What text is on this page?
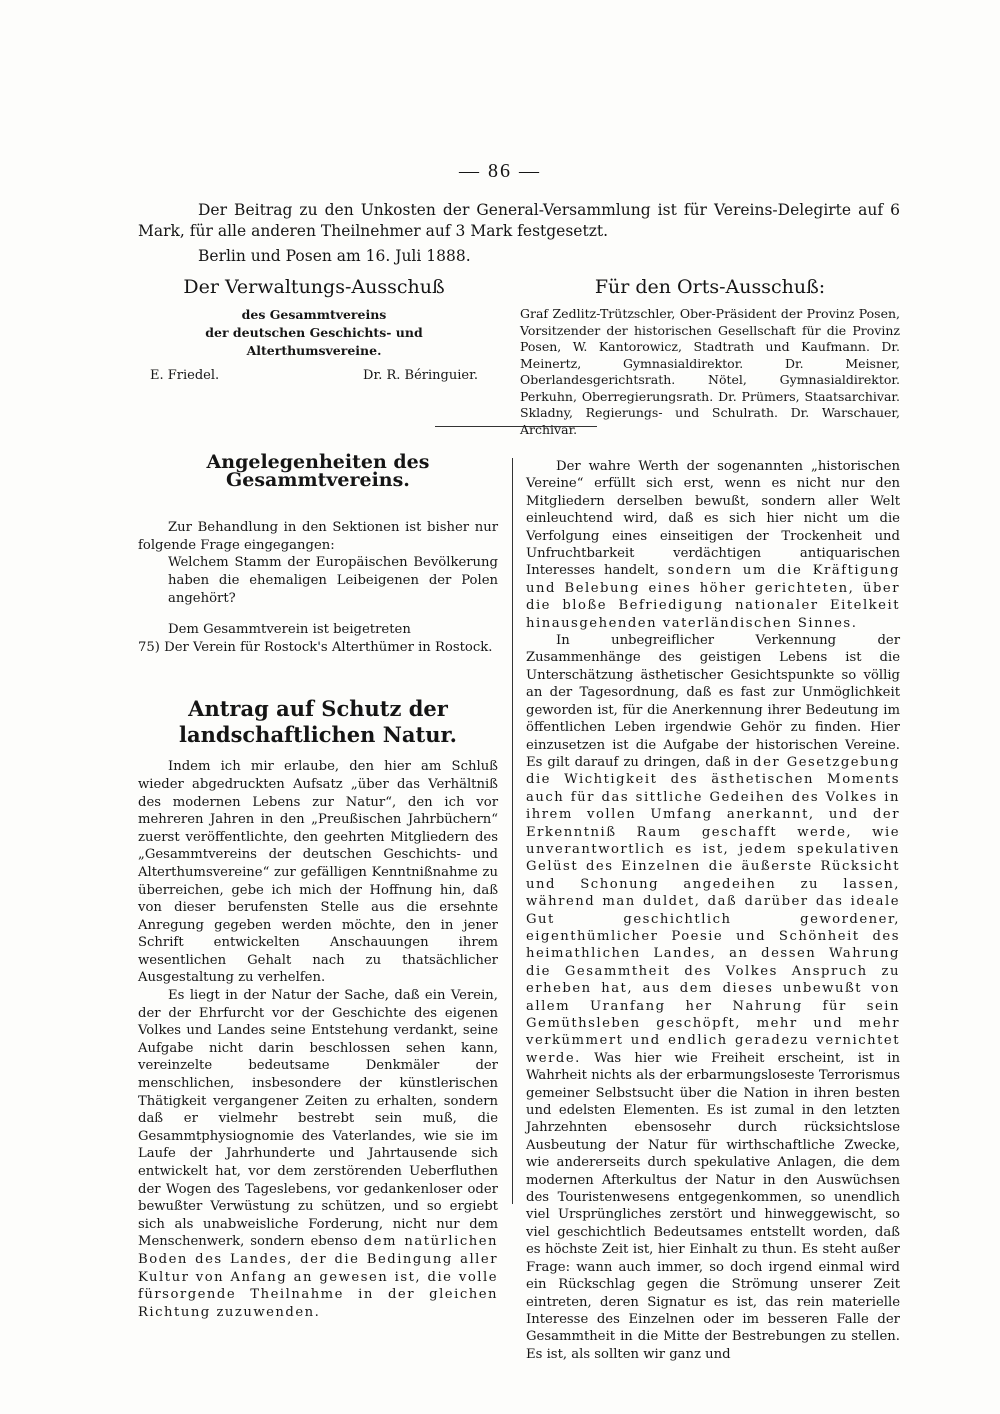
— 86 —

Der Beitrag zu den Unkosten der General-Versammlung ist für Vereins-Delegirte auf 6 Mark, für alle anderen Theilnehmer auf 3 Mark festgesetzt.

Berlin und Posen am 16. Juli 1888.

Der Verwaltungs-Ausschuß
des Gesammtvereins
der deutschen Geschichts- und Alterthumsvereine.
E. Friedel.	Dr. R. Béringuier.
Für den Orts-Ausschuß:

Graf Zedlitz-Trützschler, Ober-Präsident der Provinz Posen, Vorsitzender der historischen Gesellschaft für die Provinz Posen, W. Kantorowicz, Stadtrath und Kaufmann. Dr. Meinertz, Gymnasialdirektor. Dr. Meisner, Oberlandesgerichtsrath. Nötel, Gymnasialdirektor. Perkuhn, Oberregierungsrath. Dr. Prümers, Staatsarchivar. Skladny, Regierungs- und Schulrath. Dr. Warschauer, Archivar.

Angelegenheiten des Gesammtvereins.

Zur Behandlung in den Sektionen ist bisher nur folgende Frage eingegangen:

Welchem Stamm der Europäischen Bevölkerung haben die ehemaligen Leibeigenen der Polen angehört?

Dem Gesammtverein ist beigetreten

75) Der Verein für Rostock's Alterthümer in Rostock.

Antrag auf Schutz der landschaftlichen Natur.

Indem ich mir erlaube, den hier am Schluß wieder abgedruckten Aufsatz „über das Verhältniß des modernen Lebens zur Natur“, den ich vor mehreren Jahren in den „Preußischen Jahrbüchern“ zuerst veröffentlichte, den geehrten Mitgliedern des „Gesammtvereins der deutschen Geschichts- und Alterthumsvereine“ zur gefälligen Kenntnißnahme zu überreichen, gebe ich mich der Hoffnung hin, daß von dieser berufensten Stelle aus die ersehnte Anregung gegeben werden möchte, den in jener Schrift entwickelten Anschauungen ihrem wesentlichen Gehalt nach zu thatsächlicher Ausgestaltung zu verhelfen.

Es liegt in der Natur der Sache, daß ein Verein, der der Ehrfurcht vor der Geschichte des eigenen Volkes und Landes seine Entstehung verdankt, seine Aufgabe nicht darin beschlossen sehen kann, vereinzelte bedeutsame Denkmäler der menschlichen, insbesondere der künstlerischen Thätigkeit vergangener Zeiten zu erhalten, sondern daß er vielmehr bestrebt sein muß, die Gesammtphysiognomie des Vaterlandes, wie sie im Laufe der Jahrhunderte und Jahrtausende sich entwickelt hat, vor dem zerstörenden Ueberfluthen der Wogen des Tageslebens, vor gedankenloser oder bewußter Verwüstung zu schützen, und so ergiebt sich als unabweisliche Forderung, nicht nur dem Menschenwerk, sondern ebenso dem natürlichen Boden des Landes, der die Bedingung aller Kultur von Anfang an gewesen ist, die volle fürsorgende Theilnahme in der gleichen Richtung zuzuwenden.

Der wahre Werth der sogenannten „historischen Vereine“ erfüllt sich erst, wenn es nicht nur den Mitgliedern derselben bewußt, sondern aller Welt einleuchtend wird, daß es sich hier nicht um die Verfolgung eines einseitigen der Trockenheit und Unfruchtbarkeit verdächtigen antiquarischen Interesses handelt, sondern um die Kräftigung und Belebung eines höher gerichteten, über die bloße Befriedigung nationaler Eitelkeit hinausgehenden vaterländischen Sinnes.

In unbegreiflicher Verkennung der Zusammenhänge des geistigen Lebens ist die Unterschätzung ästhetischer Gesichtspunkte so völlig an der Tagesordnung, daß es fast zur Unmöglichkeit geworden ist, für die Anerkennung ihrer Bedeutung im öffentlichen Leben irgendwie Gehör zu finden. Hier einzusetzen ist die Aufgabe der historischen Vereine. Es gilt darauf zu dringen, daß in der Gesetzgebung die Wichtigkeit des ästhetischen Moments auch für das sittliche Gedeihen des Volkes in ihrem vollen Umfang anerkannt, und der Erkenntniß Raum geschafft werde, wie unverantwortlich es ist, jedem spekulativen Gelüst des Einzelnen die äußerste Rücksicht und Schonung angedeihen zu lassen, während man duldet, daß darüber das ideale Gut geschichtlich gewordener, eigenthümlicher Poesie und Schönheit des heimathlichen Landes, an dessen Wahrung die Gesammtheit des Volkes Anspruch zu erheben hat, aus dem dieses unbewußt von allem Uranfang her Nahrung für sein Gemüthsleben geschöpft, mehr und mehr verkümmert und endlich geradezu vernichtet werde. Was hier wie Freiheit erscheint, ist in Wahrheit nichts als der erbarmungsloseste Terrorismus gemeiner Selbstsucht über die Nation in ihren besten und edelsten Elementen. Es ist zumal in den letzten Jahrzehnten ebensosehr durch rücksichtslose Ausbeutung der Natur für wirthschaftliche Zwecke, wie andererseits durch spekulative Anlagen, die dem modernen Afterkultus der Natur in den Auswüchsen des Touristenwesens entgegenkommen, so unendlich viel Ursprüngliches zerstört und hinweggewischt, so viel geschichtlich Bedeutsames entstellt worden, daß es höchste Zeit ist, hier Einhalt zu thun. Es steht außer Frage: wann auch immer, so doch irgend einmal wird ein Rückschlag gegen die Strömung unserer Zeit eintreten, deren Signatur es ist, das rein materielle Interesse des Einzelnen oder im besseren Falle der Gesammtheit in die Mitte der Bestrebungen zu stellen. Es ist, als sollten wir ganz und
